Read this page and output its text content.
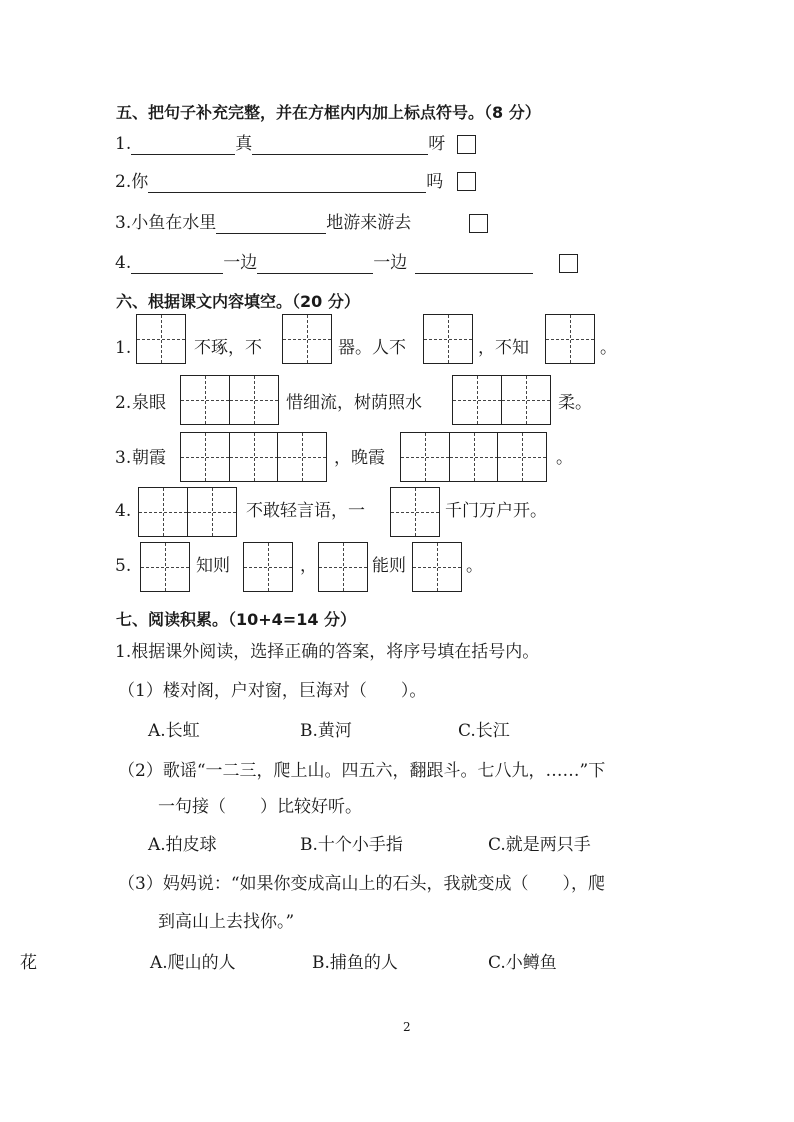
五、把句子补充完整，并在方框内内加上标点符号。（8 分）
1.	真	呀
2.你	吗
3.小鱼在水里	地游来游去
4.	一边	一边
六、根据课文内容填空。（20 分）
1.	不琢，不	器。人不	，不知	。
2. 泉眼	惜细流，树荫照水	柔。
3. 朝霞	，晚霞	。
4.	不敢轻言语，一	千门万户开。
5.	知则	，	能则	。
七、阅读积累。（10+4=14 分）
1.根据课外阅读，选择正确的答案，将序号填在括号内。
（1）楼对阁，户对窗，巨海对（　　）。
A.长虹	B.黄河	C.长江
（2）歌谣“一二三，爬上山。四五六，翻跟斗。七八九，……”下
一句接（　　）比较好听。
A.拍皮球	B.十个小手指	C.就是两只手
（3）妈妈说：“如果你变成高山上的石头，我就变成（　　），爬
到高山上去找你。”
花	A.爬山的人	B.捕鱼的人	C.小鳟鱼
2
